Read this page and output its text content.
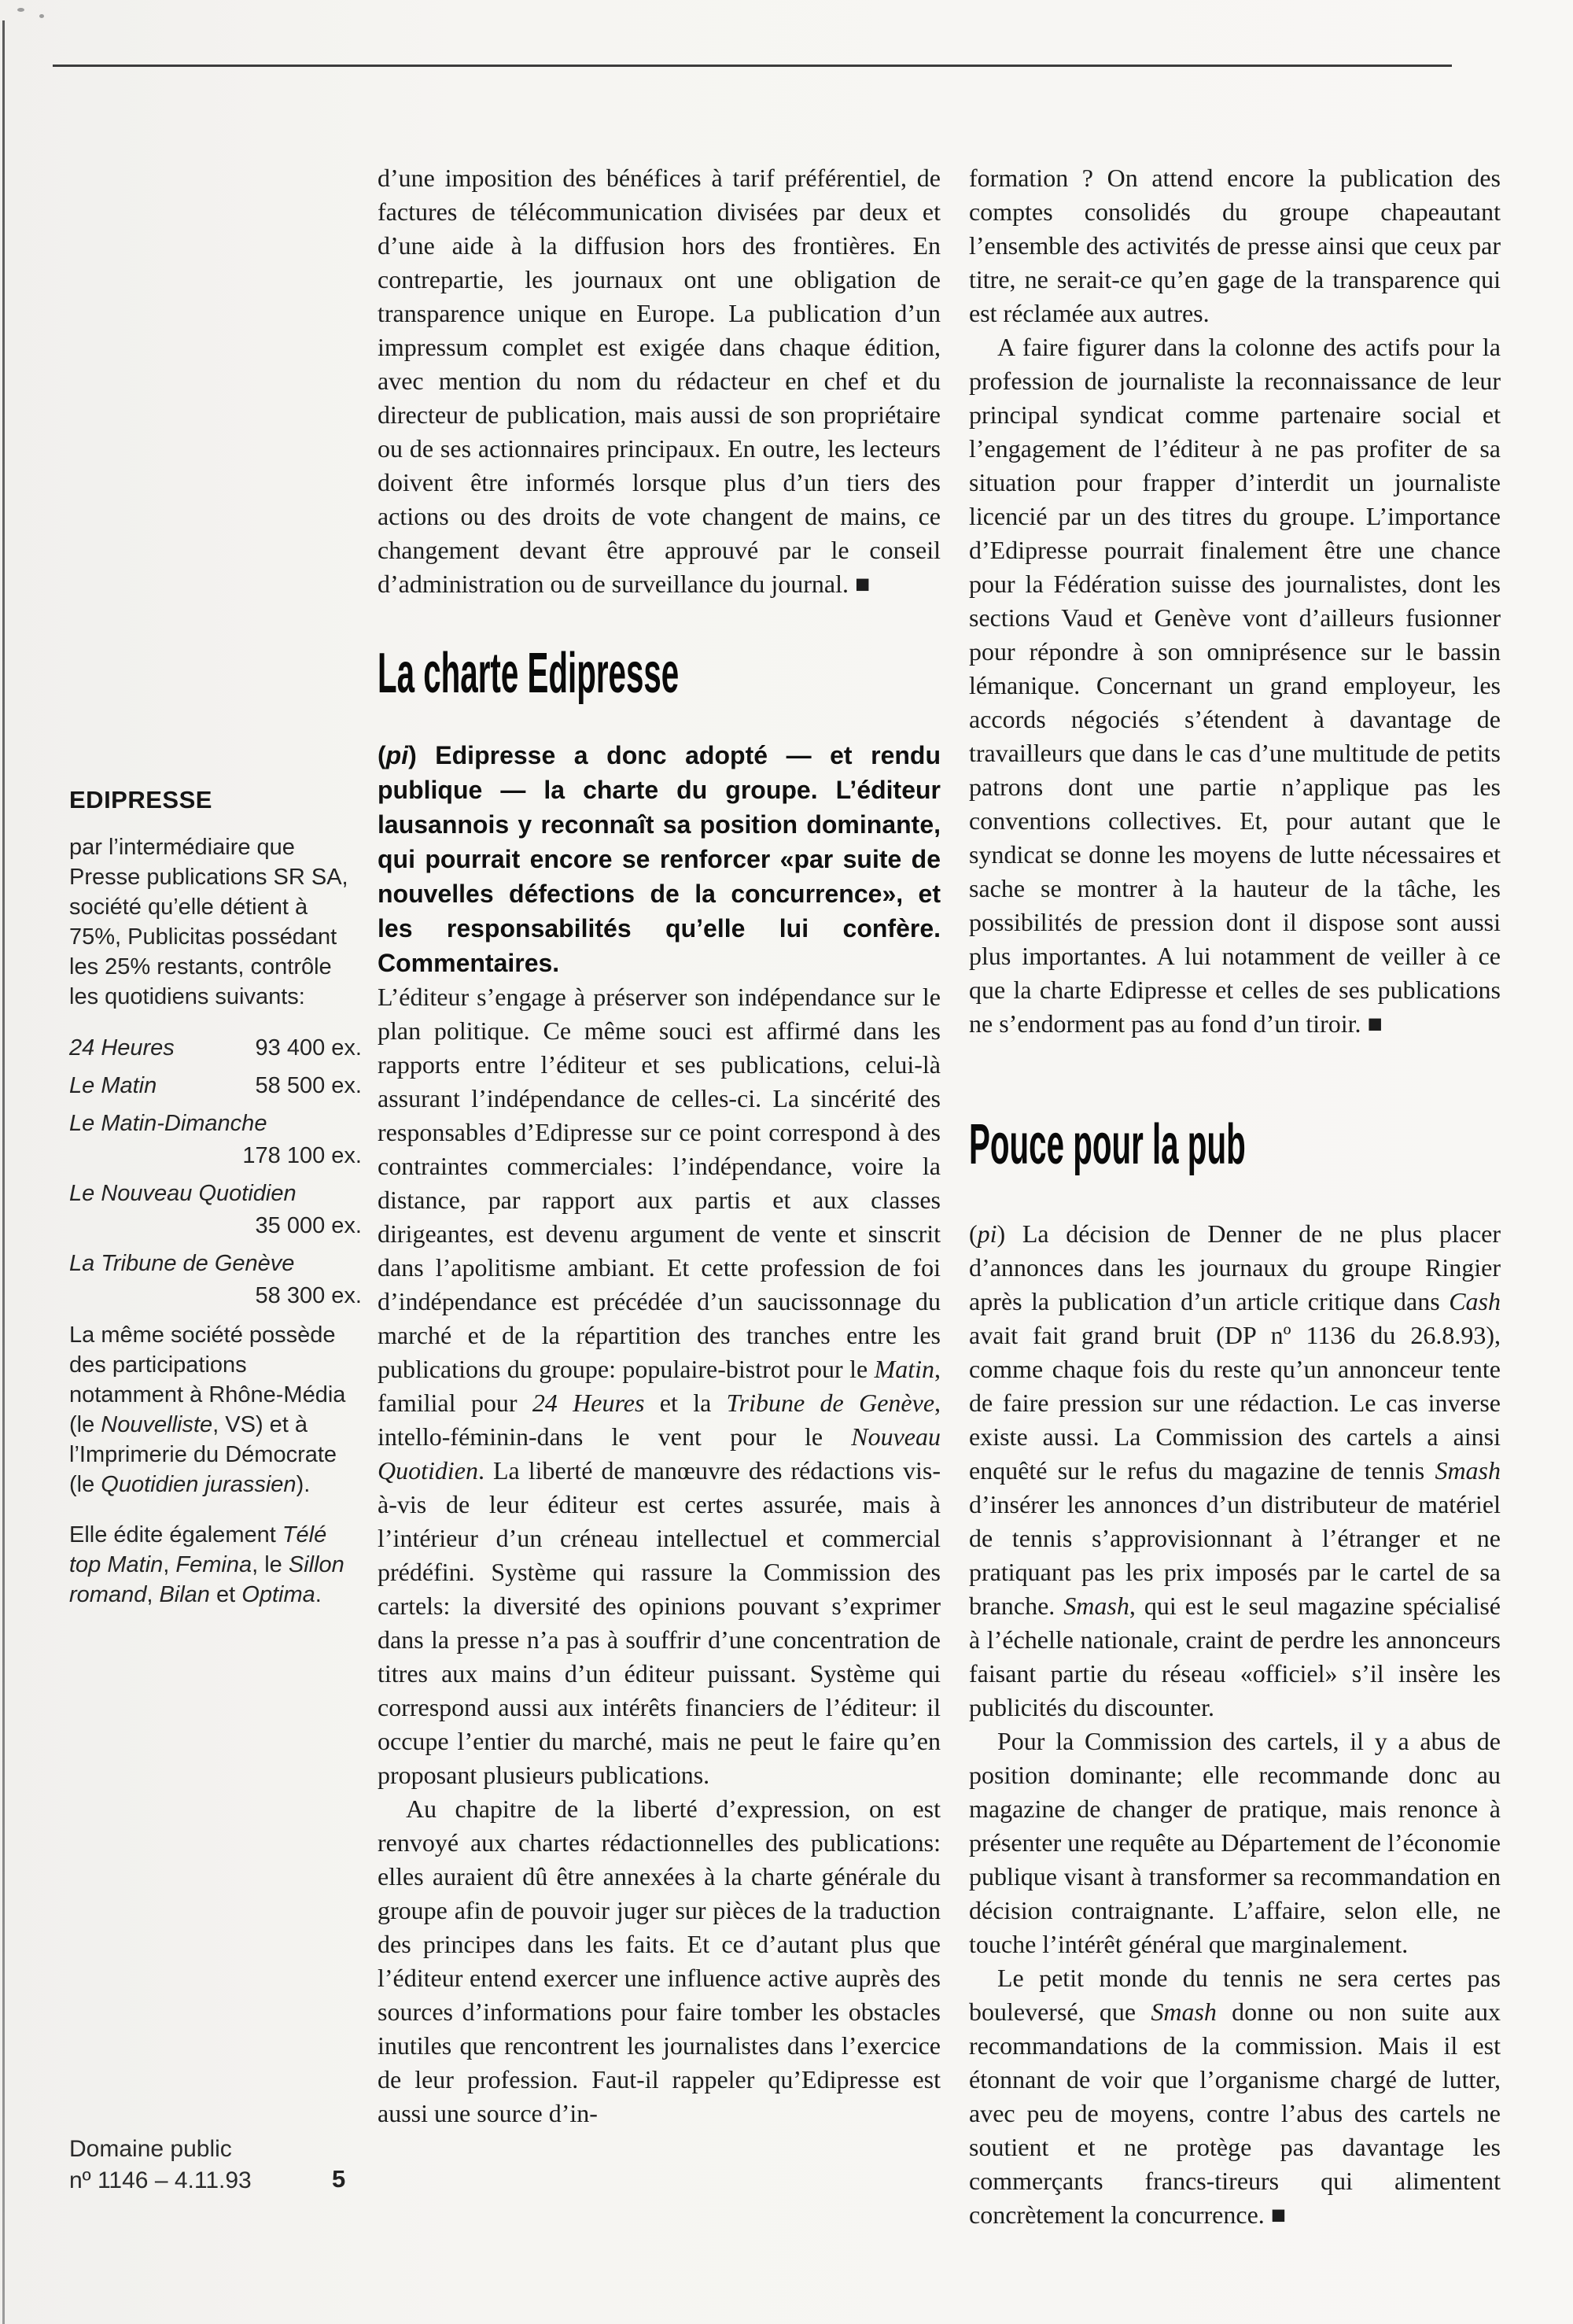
EDIPRESSE

par l’intermédiaire que Presse publications SR SA, société qu’elle détient à 75%, Publicitas possédant les 25% restants, contrôle les quotidiens suivants:

24 Heures	93 400 ex.
Le Matin	58 500 ex.
Le Matin-Dimanche
178 100 ex.
Le Nouveau Quotidien
35 000 ex.
La Tribune de Genève
58 300 ex.

La même société possède des participations notamment à Rhône-Média (le Nouvelliste, VS) et à l’Imprimerie du Démocrate (le Quotidien jurassien).

Elle édite également Télé top Matin, Femina, le Sillon romand, Bilan et Optima.

d’une imposition des bénéfices à tarif préférentiel, de factures de télécommunication divisées par deux et d’une aide à la diffusion hors des frontières. En contrepartie, les journaux ont une obligation de transparence unique en Europe. La publication d’un impressum complet est exigée dans chaque édition, avec mention du nom du rédacteur en chef et du directeur de publication, mais aussi de son propriétaire ou de ses actionnaires principaux. En outre, les lecteurs doivent être informés lorsque plus d’un tiers des actions ou des droits de vote changent de mains, ce changement devant être approuvé par le conseil d’administration ou de surveillance du journal. ■

La charte Edipresse

(pi) Edipresse a donc adopté — et rendu publique — la charte du groupe. L’éditeur lausannois y reconnaît sa position dominante, qui pourrait encore se renforcer «par suite de nouvelles défections de la concurrence», et les responsabilités qu’elle lui confère. Commentaires.

L’éditeur s’engage à préserver son indépendance sur le plan politique. Ce même souci est affirmé dans les rapports entre l’éditeur et ses publications, celui-là assurant l’indépendance de celles-ci. La sincérité des responsables d’Edipresse sur ce point correspond à des contraintes commerciales: l’indépendance, voire la distance, par rapport aux partis et aux classes dirigeantes, est devenu argument de vente et sinscrit dans l’apolitisme ambiant. Et cette profession de foi d’indépendance est précédée d’un saucissonnage du marché et de la répartition des tranches entre les publications du groupe: populaire-bistrot pour le Matin, familial pour 24 Heures et la Tribune de Genève, intello-féminin-dans le vent pour le Nouveau Quotidien. La liberté de manœuvre des rédactions vis-à-vis de leur éditeur est certes assurée, mais à l’intérieur d’un créneau intellectuel et commercial prédéfini. Système qui rassure la Commission des cartels: la diversité des opinions pouvant s’exprimer dans la presse n’a pas à souffrir d’une concentration de titres aux mains d’un éditeur puissant. Système qui correspond aussi aux intérêts financiers de l’éditeur: il occupe l’entier du marché, mais ne peut le faire qu’en proposant plusieurs publications.

Au chapitre de la liberté d’expression, on est renvoyé aux chartes rédactionnelles des publications: elles auraient dû être annexées à la charte générale du groupe afin de pouvoir juger sur pièces de la traduction des principes dans les faits. Et ce d’autant plus que l’éditeur entend exercer une influence active auprès des sources d’informations pour faire tomber les obstacles inutiles que rencontrent les journalistes dans l’exercice de leur profession. Faut-il rappeler qu’Edipresse est aussi une source d’in-

formation ? On attend encore la publication des comptes consolidés du groupe chapeautant l’ensemble des activités de presse ainsi que ceux par titre, ne serait-ce qu’en gage de la transparence qui est réclamée aux autres.

A faire figurer dans la colonne des actifs pour la profession de journaliste la reconnaissance de leur principal syndicat comme partenaire social et l’engagement de l’éditeur à ne pas profiter de sa situation pour frapper d’interdit un journaliste licencié par un des titres du groupe. L’importance d’Edipresse pourrait finalement être une chance pour la Fédération suisse des journalistes, dont les sections Vaud et Genève vont d’ailleurs fusionner pour répondre à son omniprésence sur le bassin lémanique. Concernant un grand employeur, les accords négociés s’étendent à davantage de travailleurs que dans le cas d’une multitude de petits patrons dont une partie n’applique pas les conventions collectives. Et, pour autant que le syndicat se donne les moyens de lutte nécessaires et sache se montrer à la hauteur de la tâche, les possibilités de pression dont il dispose sont aussi plus importantes. A lui notamment de veiller à ce que la charte Edipresse et celles de ses publications ne s’endorment pas au fond d’un tiroir. ■

Pouce pour la pub

(pi) La décision de Denner de ne plus placer d’annonces dans les journaux du groupe Ringier après la publication d’un article critique dans Cash avait fait grand bruit (DP nº 1136 du 26.8.93), comme chaque fois du reste qu’un annonceur tente de faire pression sur une rédaction. Le cas inverse existe aussi. La Commission des cartels a ainsi enquêté sur le refus du magazine de tennis Smash d’insérer les annonces d’un distributeur de matériel de tennis s’approvisionnant à l’étranger et ne pratiquant pas les prix imposés par le cartel de sa branche. Smash, qui est le seul magazine spécialisé à l’échelle nationale, craint de perdre les annonceurs faisant partie du réseau «officiel» s’il insère les publicités du discounter.

Pour la Commission des cartels, il y a abus de position dominante; elle recommande donc au magazine de changer de pratique, mais renonce à présenter une requête au Département de l’économie publique visant à transformer sa recommandation en décision contraignante. L’affaire, selon elle, ne touche l’intérêt général que marginalement.

Le petit monde du tennis ne sera certes pas bouleversé, que Smash donne ou non suite aux recommandations de la commission. Mais il est étonnant de voir que l’organisme chargé de lutter, avec peu de moyens, contre l’abus des cartels ne soutient et ne protège pas davantage les commerçants francs-tireurs qui alimentent concrètement la concurrence. ■

Domaine public
nº 1146 – 4.11.93	5
